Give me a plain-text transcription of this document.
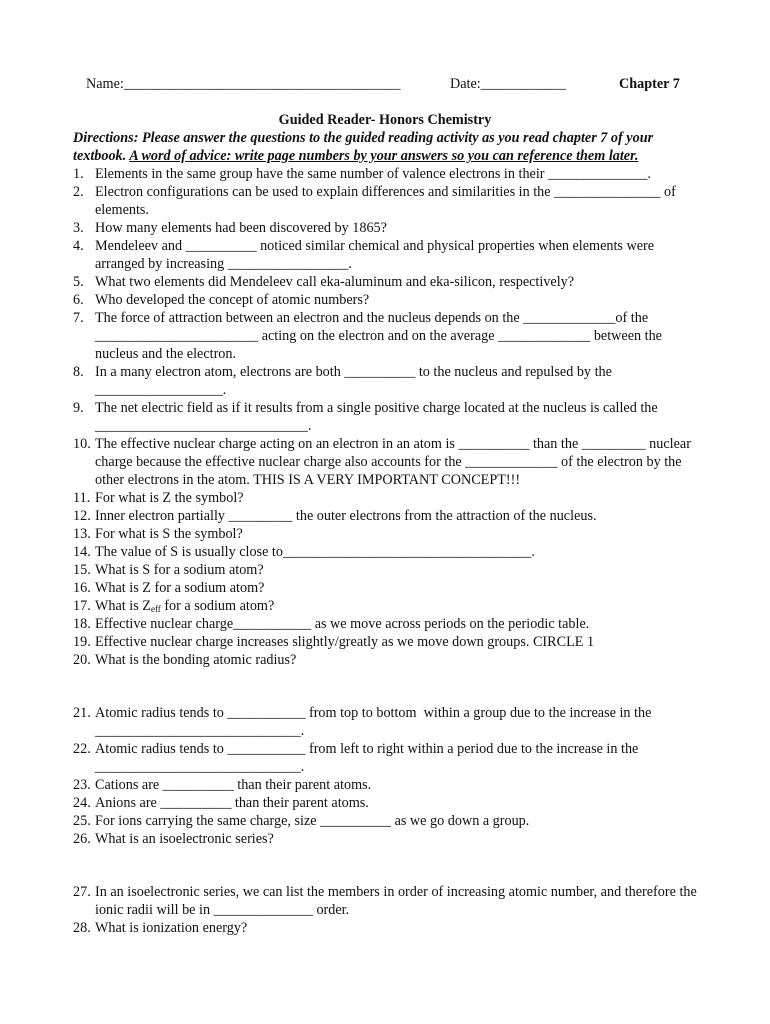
Name:_______________________________________	Date:____________	Chapter 7
Guided Reader- Honors Chemistry
Directions: Please answer the questions to the guided reading activity as you read chapter 7 of your textbook. A word of advice: write page numbers by your answers so you can reference them later.
1. Elements in the same group have the same number of valence electrons in their ______________.
2. Electron configurations can be used to explain differences and similarities in the _______________ of elements.
3. How many elements had been discovered by 1865?
4. Mendeleev and __________ noticed similar chemical and physical properties when elements were arranged by increasing _________________.
5. What two elements did Mendeleev call eka-aluminum and eka-silicon, respectively?
6. Who developed the concept of atomic numbers?
7. The force of attraction between an electron and the nucleus depends on the _____________of the _______________________ acting on the electron and on the average _____________ between the nucleus and the electron.
8. In a many electron atom, electrons are both __________ to the nucleus and repulsed by the __________________.
9. The net electric field as if it results from a single positive charge located at the nucleus is called the ______________________________.
10. The effective nuclear charge acting on an electron in an atom is __________ than the _________ nuclear charge because the effective nuclear charge also accounts for the _____________ of the electron by the other electrons in the atom. THIS IS A VERY IMPORTANT CONCEPT!!!
11. For what is Z the symbol?
12. Inner electron partially _________ the outer electrons from the attraction of the nucleus.
13. For what is S the symbol?
14. The value of S is usually close to___________________________________.
15. What is S for a sodium atom?
16. What is Z for a sodium atom?
17. What is $Z_{eff}$ for a sodium atom?
18. Effective nuclear charge___________ as we move across periods on the periodic table.
19. Effective nuclear charge increases slightly/greatly as we move down groups. CIRCLE 1
20. What is the bonding atomic radius?
21. Atomic radius tends to ___________ from top to bottom  within a group due to the increase in the _____________________________.
22. Atomic radius tends to ___________ from left to right within a period due to the increase in the _____________________________.
23. Cations are __________ than their parent atoms.
24. Anions are __________ than their parent atoms.
25. For ions carrying the same charge, size __________ as we go down a group.
26. What is an isoelectronic series?
27. In an isoelectronic series, we can list the members in order of increasing atomic number, and therefore the ionic radii will be in ______________ order.
28. What is ionization energy?
